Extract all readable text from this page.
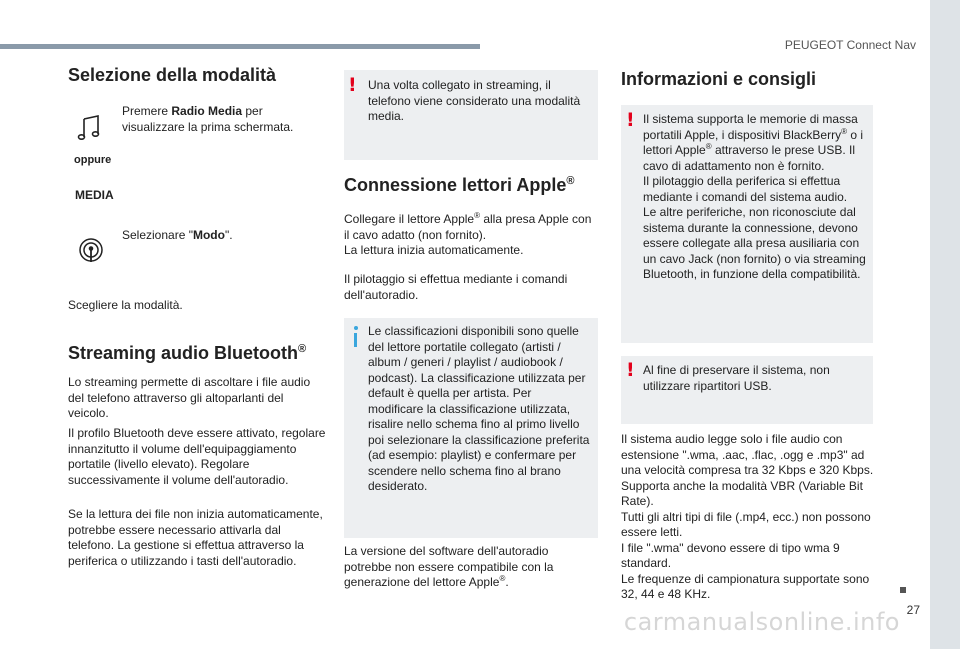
PEUGEOT Connect Nav
27
carmanualsonline.info
Selezione della modalità

Premere Radio Media per visualizzare la prima schermata.

oppure

MEDIA

Selezionare "Modo".

Scegliere la modalità.

Streaming audio Bluetooth®

Lo streaming permette di ascoltare i file audio del telefono attraverso gli altoparlanti del veicolo.

Il profilo Bluetooth deve essere attivato, regolare innanzitutto il volume dell'equipaggiamento portatile (livello elevato). Regolare successivamente il volume dell'autoradio.

Se la lettura dei file non inizia automaticamente, potrebbe essere necessario attivarla dal telefono. La gestione si effettua attraverso la periferica o utilizzando i tasti dell'autoradio.

! Una volta collegato in streaming, il telefono viene considerato una modalità media.

Connessione lettori Apple®

Collegare il lettore Apple® alla presa Apple con il cavo adatto (non fornito).
La lettura inizia automaticamente.

Il pilotaggio si effettua mediante i comandi dell'autoradio.

Le classificazioni disponibili sono quelle del lettore portatile collegato (artisti / album / generi / playlist / audiobook / podcast). La classificazione utilizzata per default è quella per artista. Per modificare la classificazione utilizzata, risalire nello schema fino al primo livello poi selezionare la classificazione preferita (ad esempio: playlist) e confermare per scendere nello schema fino al brano desiderato.

La versione del software dell'autoradio potrebbe non essere compatibile con la generazione del lettore Apple®.

Informazioni e consigli
! Il sistema supporta le memorie di massa portatili Apple, i dispositivi BlackBerry® o i lettori Apple® attraverso le prese USB. Il cavo di adattamento non è fornito.
Il pilotaggio della periferica si effettua mediante i comandi del sistema audio.
Le altre periferiche, non riconosciute dal sistema durante la connessione, devono essere collegate alla presa ausiliaria con un cavo Jack (non fornito) o via streaming Bluetooth, in funzione della compatibilità.

! Al fine di preservare il sistema, non utilizzare ripartitori USB.

Il sistema audio legge solo i file audio con estensione ".wma, .aac, .flac, .ogg e .mp3" ad una velocità compresa tra 32 Kbps e 320 Kbps.

Supporta anche la modalità VBR (Variable Bit Rate).

Tutti gli altri tipi di file (.mp4, ecc.) non possono essere letti.

I file ".wma" devono essere di tipo wma 9 standard.

Le frequenze di campionatura supportate sono 32, 44 e 48 KHz.
